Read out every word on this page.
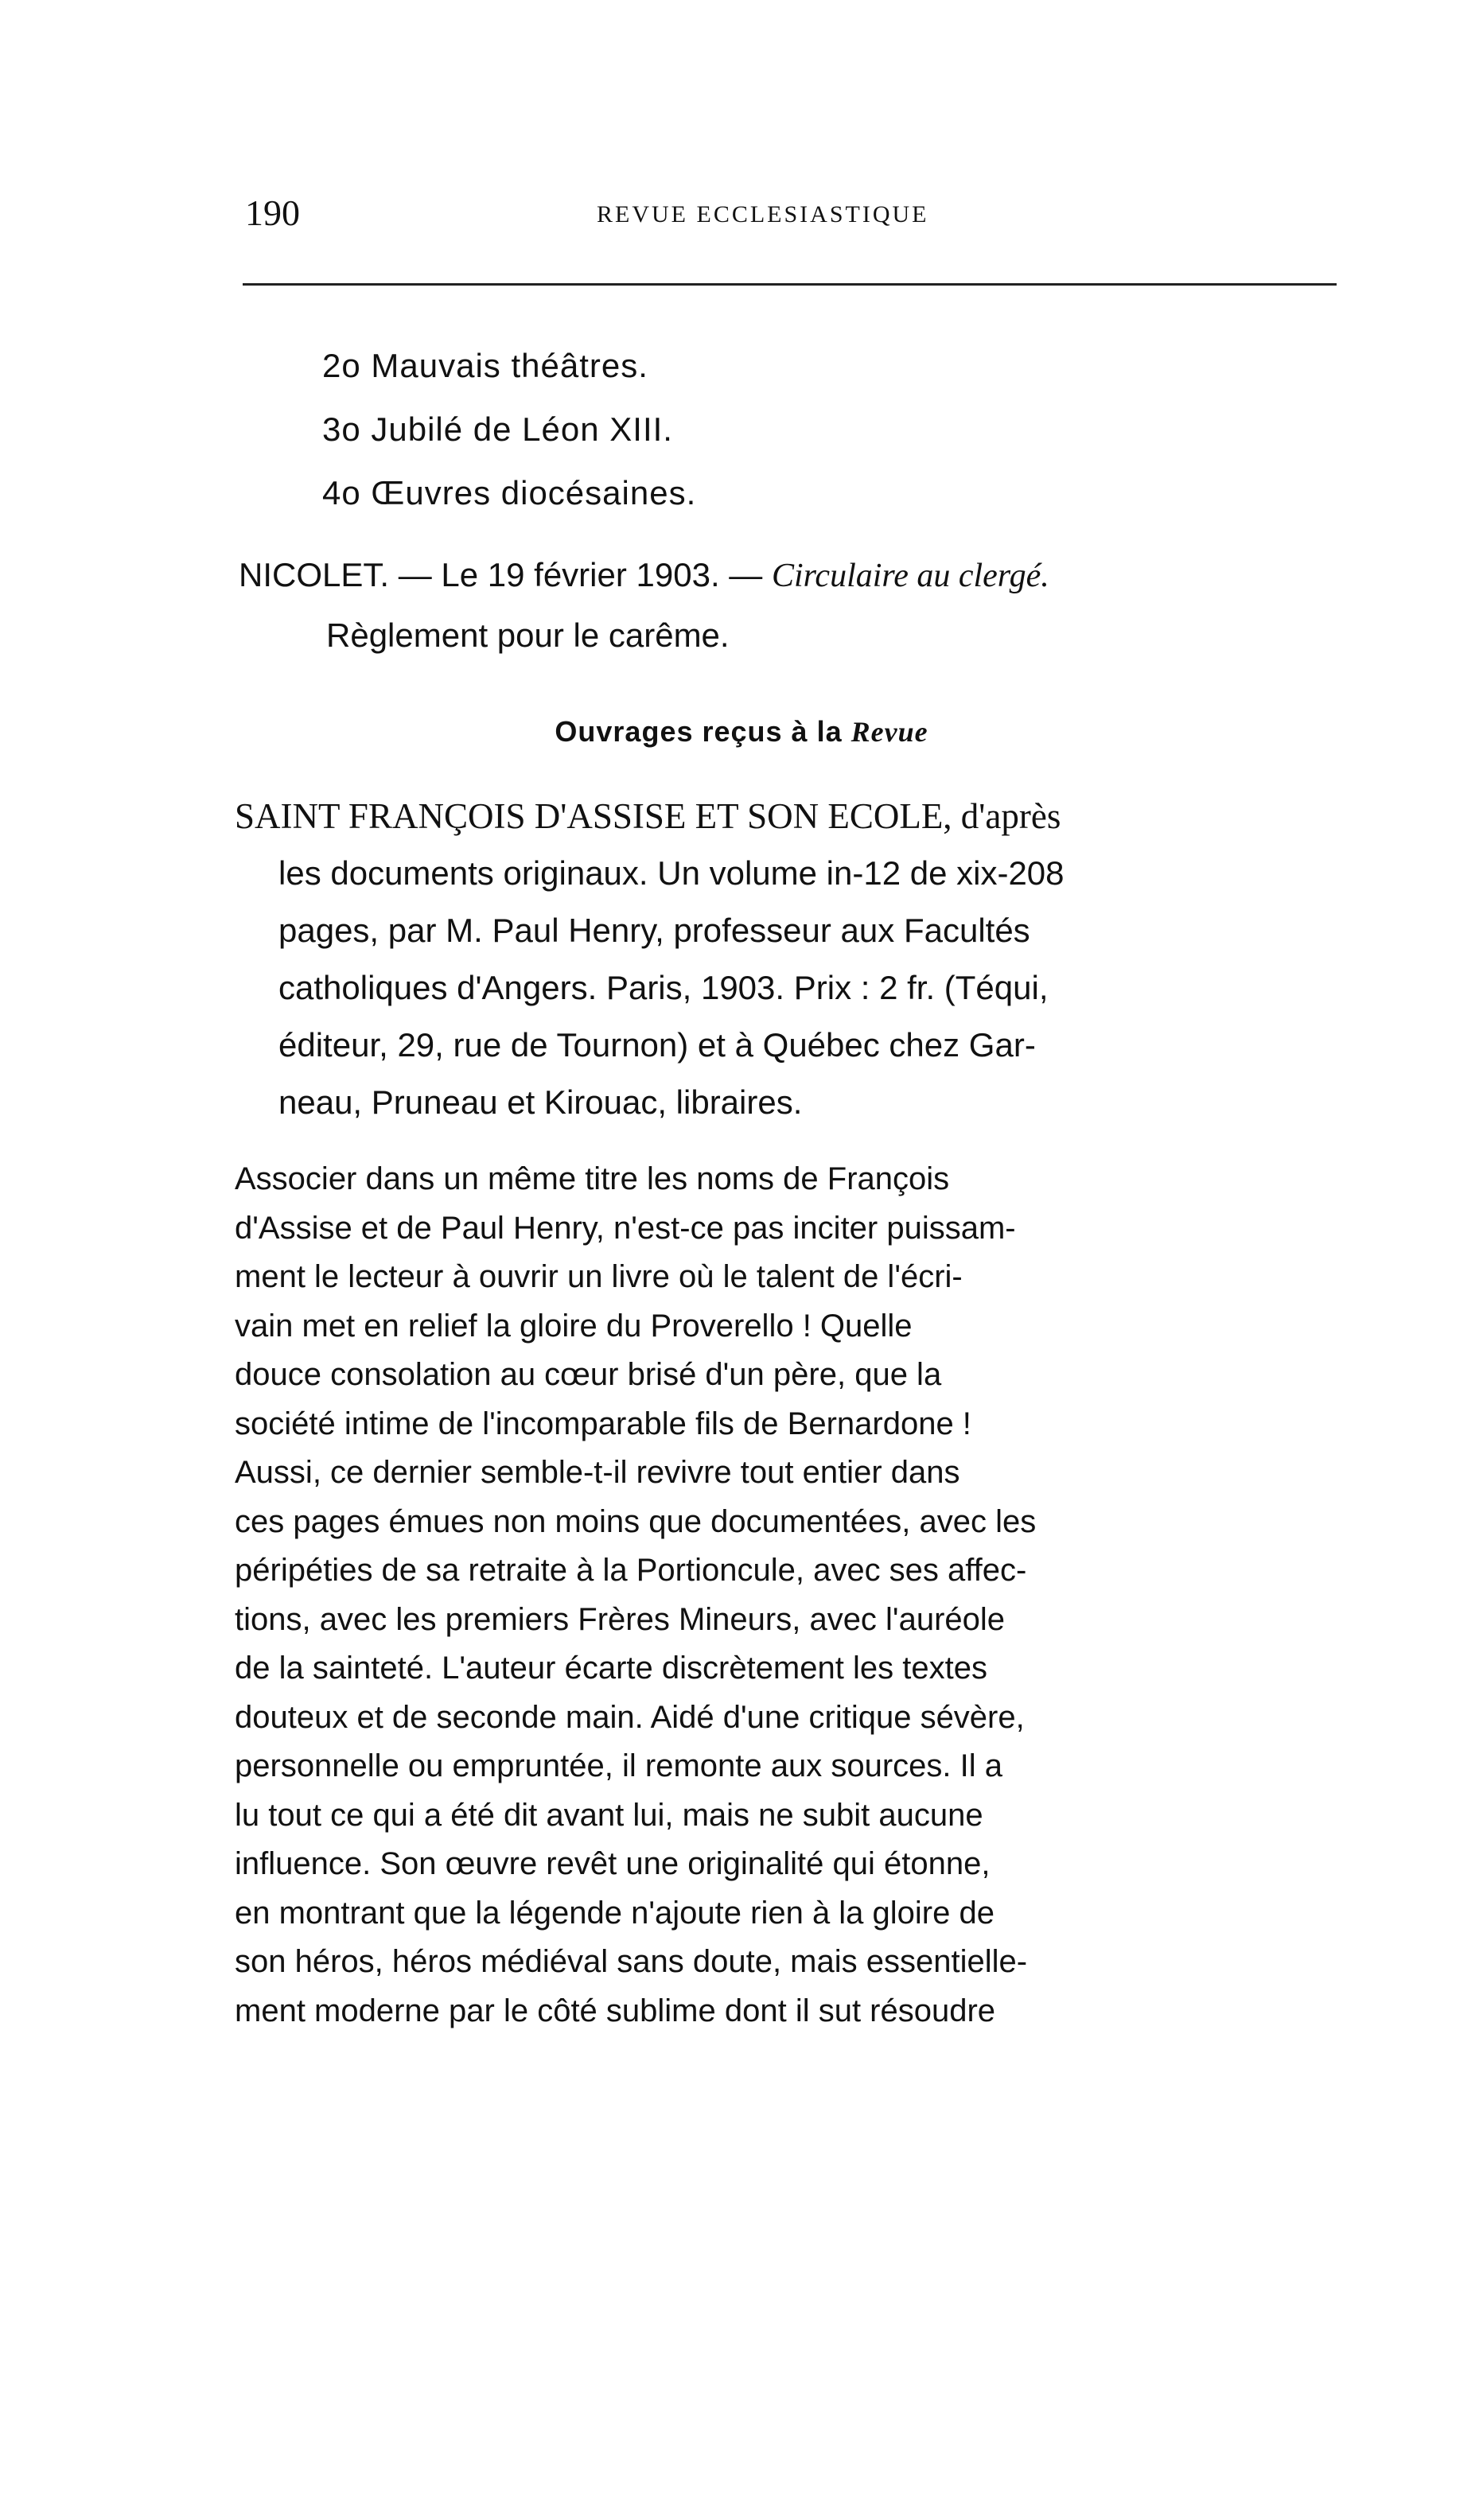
190	REVUE ECCLESIASTIQUE
2o Mauvais théâtres.
3o Jubilé de Léon XIII.
4o Œuvres diocésaines.
NICOLET. — Le 19 février 1903. — Circulaire au clergé.
Règlement pour le carême.
Ouvrages reçus à la Revue
SAINT FRANÇOIS D'ASSISE ET SON ECOLE, d'après
les documents originaux. Un volume in-12 de xix-208
pages, par M. Paul Henry, professeur aux Facultés
catholiques d'Angers. Paris, 1903. Prix : 2 fr. (Téqui,
éditeur, 29, rue de Tournon) et à Québec chez Gar-
neau, Pruneau et Kirouac, libraires.
Associer dans un même titre les noms de François
d'Assise et de Paul Henry, n'est-ce pas inciter puissam-
ment le lecteur à ouvrir un livre où le talent de l'écri-
vain met en relief la gloire du Proverello ! Quelle
douce consolation au cœur brisé d'un père, que la
société intime de l'incomparable fils de Bernardone !
Aussi, ce dernier semble-t-il revivre tout entier dans
ces pages émues non moins que documentées, avec les
péripéties de sa retraite à la Portioncule, avec ses affec-
tions, avec les premiers Frères Mineurs, avec l'auréole
de la sainteté. L'auteur écarte discrètement les textes
douteux et de seconde main. Aidé d'une critique sévère,
personnelle ou empruntée, il remonte aux sources. Il a
lu tout ce qui a été dit avant lui, mais ne subit aucune
influence. Son œuvre revêt une originalité qui étonne,
en montrant que la légende n'ajoute rien à la gloire de
son héros, héros médiéval sans doute, mais essentielle-
ment moderne par le côté sublime dont il sut résoudre
